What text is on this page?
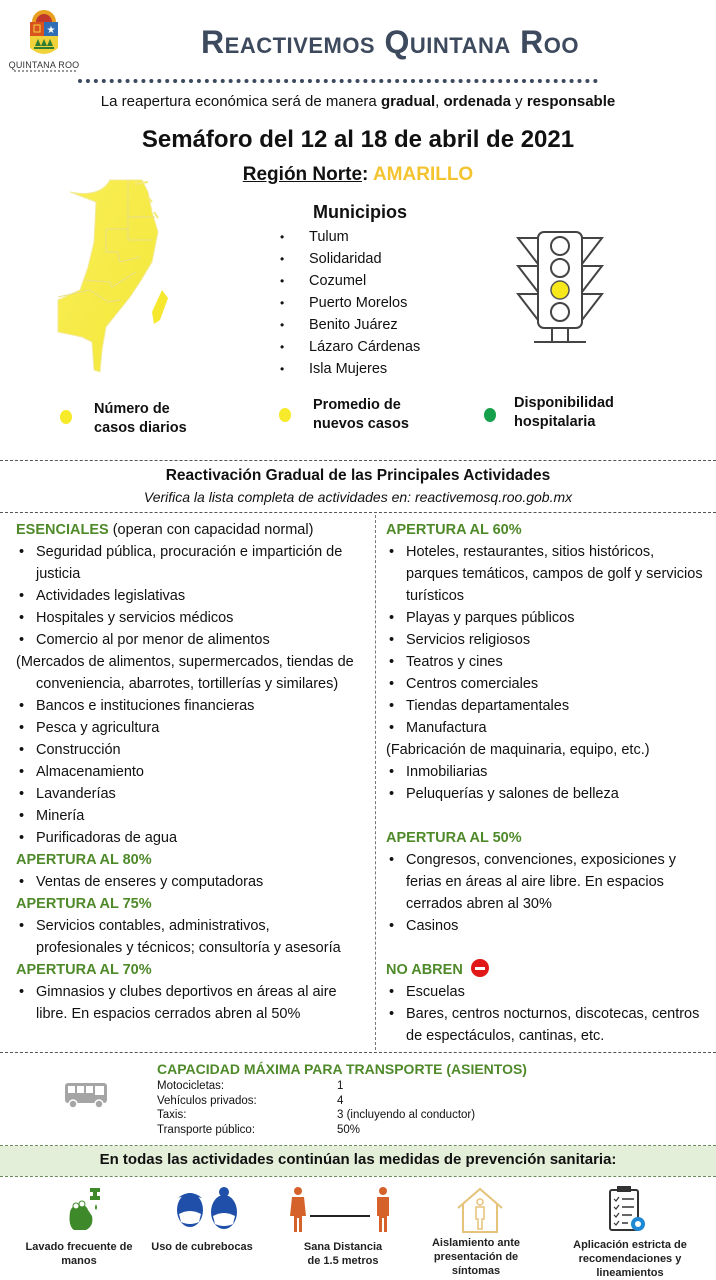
★
QUINTANA ROO
Reactivemos Quintana Roo
La reapertura económica será de manera gradual, ordenada y responsable
Semáforo del 12 al 18 de abril de 2021
Región Norte: AMARILLO
Municipios
• Tulum
• Solidaridad
• Cozumel
• Puerto Morelos
• Benito Juárez
• Lázaro Cárdenas
• Isla Mujeres
Número de
casos diarios
Promedio de
nuevos casos
Disponibilidad
hospitalaria
Reactivación Gradual de las Principales Actividades
Verifica la lista completa de actividades en: reactivemosq.roo.gob.mx
ESENCIALES (operan con capacidad normal)
• Seguridad pública, procuración e impartición de
justicia
• Actividades legislativas
• Hospitales y servicios médicos
• Comercio al por menor de alimentos
(Mercados de alimentos, supermercados, tiendas de
conveniencia, abarrotes, tortillerías y similares)
• Bancos e instituciones financieras
• Pesca y agricultura
• Construcción
• Almacenamiento
• Lavanderías
• Minería
• Purificadoras de agua
APERTURA AL 80%
• Ventas de enseres y computadoras
APERTURA AL 75%
• Servicios contables, administrativos,
profesionales y técnicos; consultoría y asesoría
APERTURA AL 70%
• Gimnasios y clubes deportivos en áreas al aire
libre. En espacios cerrados abren al 50%
APERTURA AL 60%
• Hoteles, restaurantes, sitios históricos,
parques temáticos, campos de golf y servicios
turísticos
• Playas y parques públicos
• Servicios religiosos
• Teatros y cines
• Centros comerciales
• Tiendas departamentales
• Manufactura
(Fabricación de maquinaria, equipo, etc.)
• Inmobiliarias
• Peluquerías y salones de belleza
APERTURA AL 50%
• Congresos, convenciones, exposiciones y
ferias en áreas al aire libre. En espacios
cerrados abren al 30%
• Casinos
NO ABREN
• Escuelas
• Bares, centros nocturnos, discotecas, centros
de espectáculos, cantinas, etc.
CAPACIDAD MÁXIMA PARA TRANSPORTE (ASIENTOS)
Motocicletas:	1
Vehículos privados:	4
Taxis:	3 (incluyendo al conductor)
Transporte público:	50%
En todas las actividades continúan las medidas de prevención sanitaria:
Lavado frecuente de
manos
Uso de cubrebocas	Sana Distancia
de 1.5 metros
Aislamiento ante
presentación de
síntomas
Aplicación estricta de
recomendaciones y
lineamientos
